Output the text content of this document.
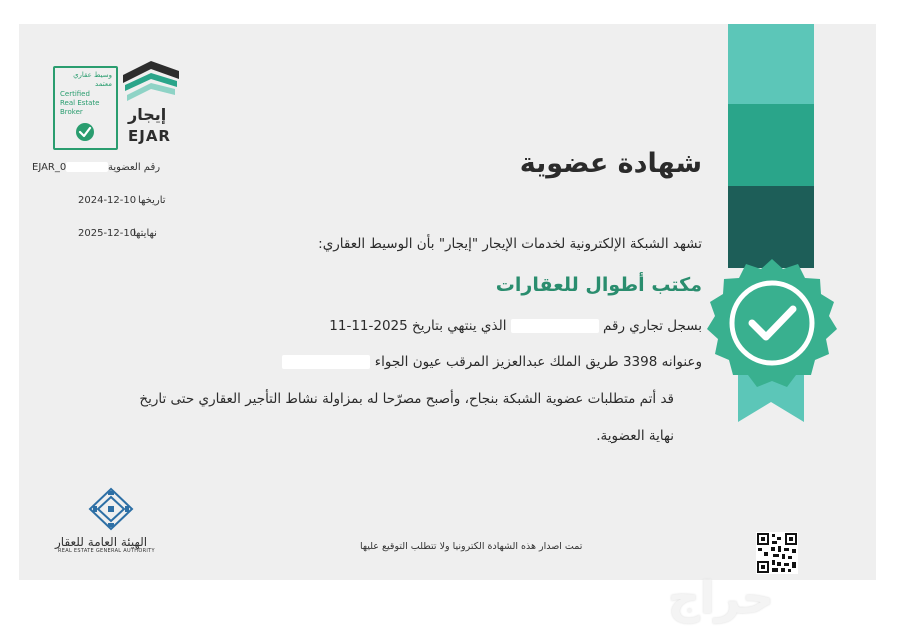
إيجار
EJAR
وسيط عقاري
معتمد
Certified
Real Estate
Broker
EJAR_0	رقم العضوية
2024-12-10 تاريخها
2025-12-10
نهايتها
شهادة عضوية
تشهد الشبكة الإلكترونية لخدمات الإيجار "إيجار" بأن الوسيط العقاري:
مكتب أطوال للعقارات
بسجل تجاري رقم  الذي ينتهي بتاريخ 2025-11-11
وعنوانه 3398 طريق الملك عبدالعزيز المرقب عيون الجواء
قد أتم متطلبات عضوية الشبكة بنجاح، وأصبح مصرّحا له بمزاولة نشاط التأجير العقاري حتى تاريخ
نهاية العضوية.
الهيئة العامة للعقار
REAL ESTATE GENERAL AUTHORITY	تمت اصدار هذه الشهادة الكترونيا ولا تتطلب التوقيع عليها
حراج
